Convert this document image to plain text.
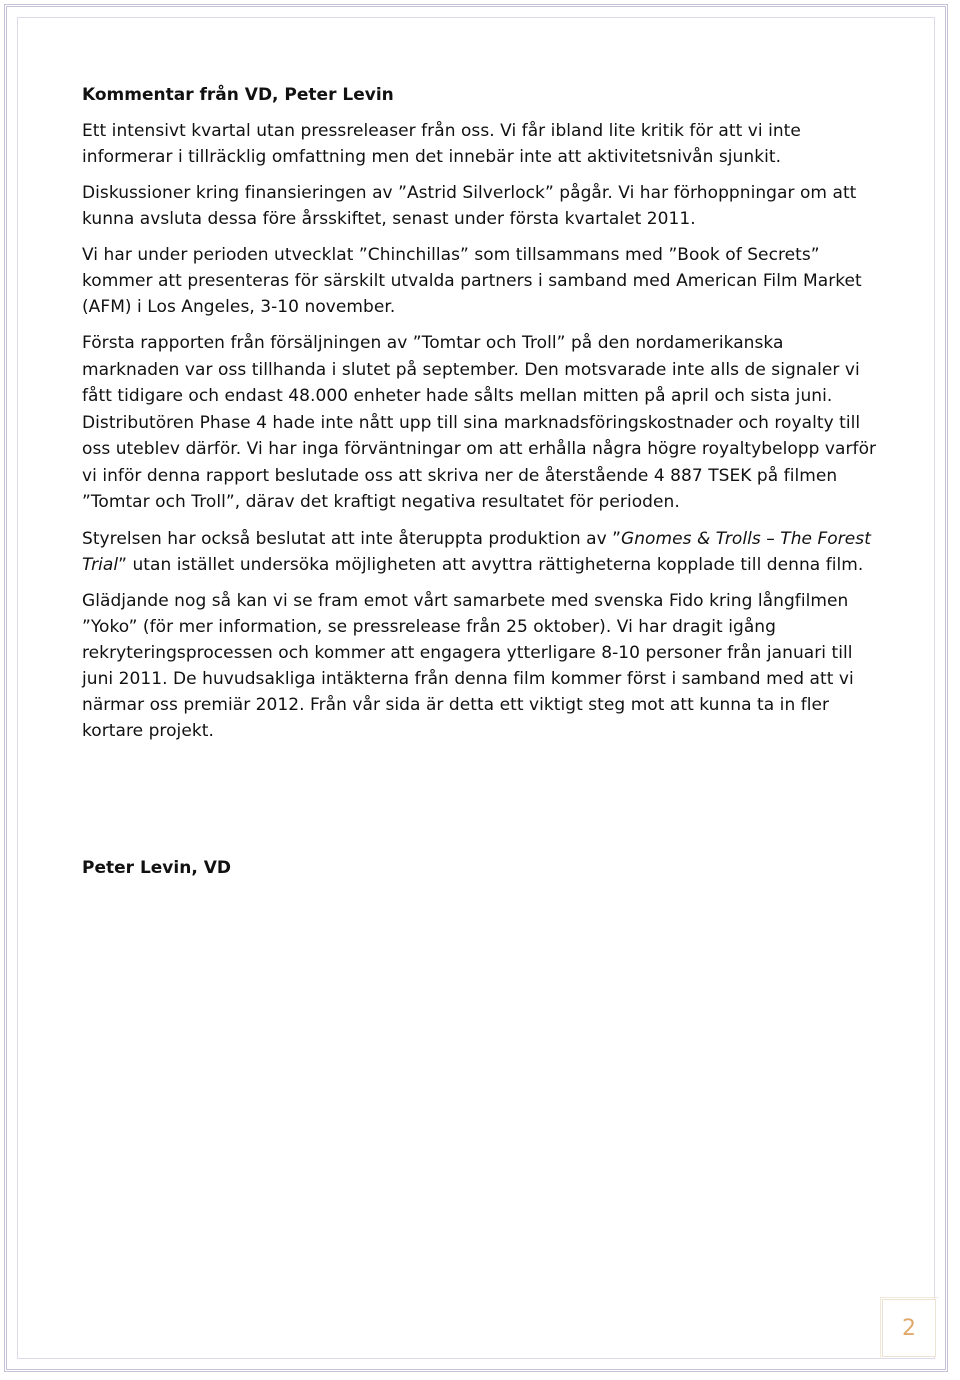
Kommentar från VD, Peter Levin

Ett intensivt kvartal utan pressreleaser från oss. Vi får ibland lite kritik för att vi inte informerar i tillräcklig omfattning men det innebär inte att aktivitetsnivån sjunkit.

Diskussioner kring finansieringen av ”Astrid Silverlock” pågår. Vi har förhoppningar om att kunna avsluta dessa före årsskiftet, senast under första kvartalet 2011.

Vi har under perioden utvecklat ”Chinchillas” som tillsammans med ”Book of Secrets” kommer att presenteras för särskilt utvalda partners i samband med American Film Market (AFM) i Los Angeles, 3-10 november.

Första rapporten från försäljningen av ”Tomtar och Troll” på den nordamerikanska marknaden var oss tillhanda i slutet på september. Den motsvarade inte alls de signaler vi fått tidigare och endast 48.000 enheter hade sålts mellan mitten på april och sista juni. Distributören Phase 4 hade inte nått upp till sina marknadsföringskostnader och royalty till oss uteblev därför. Vi har inga förväntningar om att erhålla några högre royaltybelopp varför vi inför denna rapport beslutade oss att skriva ner de återstående 4 887 TSEK på filmen ”Tomtar och Troll”, därav det kraftigt negativa resultatet för perioden.

Styrelsen har också beslutat att inte återuppta produktion av ”Gnomes & Trolls – The Forest Trial” utan istället undersöka möjligheten att avyttra rättigheterna kopplade till denna film.

Glädjande nog så kan vi se fram emot vårt samarbete med svenska Fido kring långfilmen ”Yoko” (för mer information, se pressrelease från 25 oktober). Vi har dragit igång rekryteringsprocessen och kommer att engagera ytterligare 8-10 personer från januari till juni 2011. De huvudsakliga intäkterna från denna film kommer först i samband med att vi närmar oss premiär 2012. Från vår sida är detta ett viktigt steg mot att kunna ta in fler kortare projekt.

Peter Levin, VD
2
